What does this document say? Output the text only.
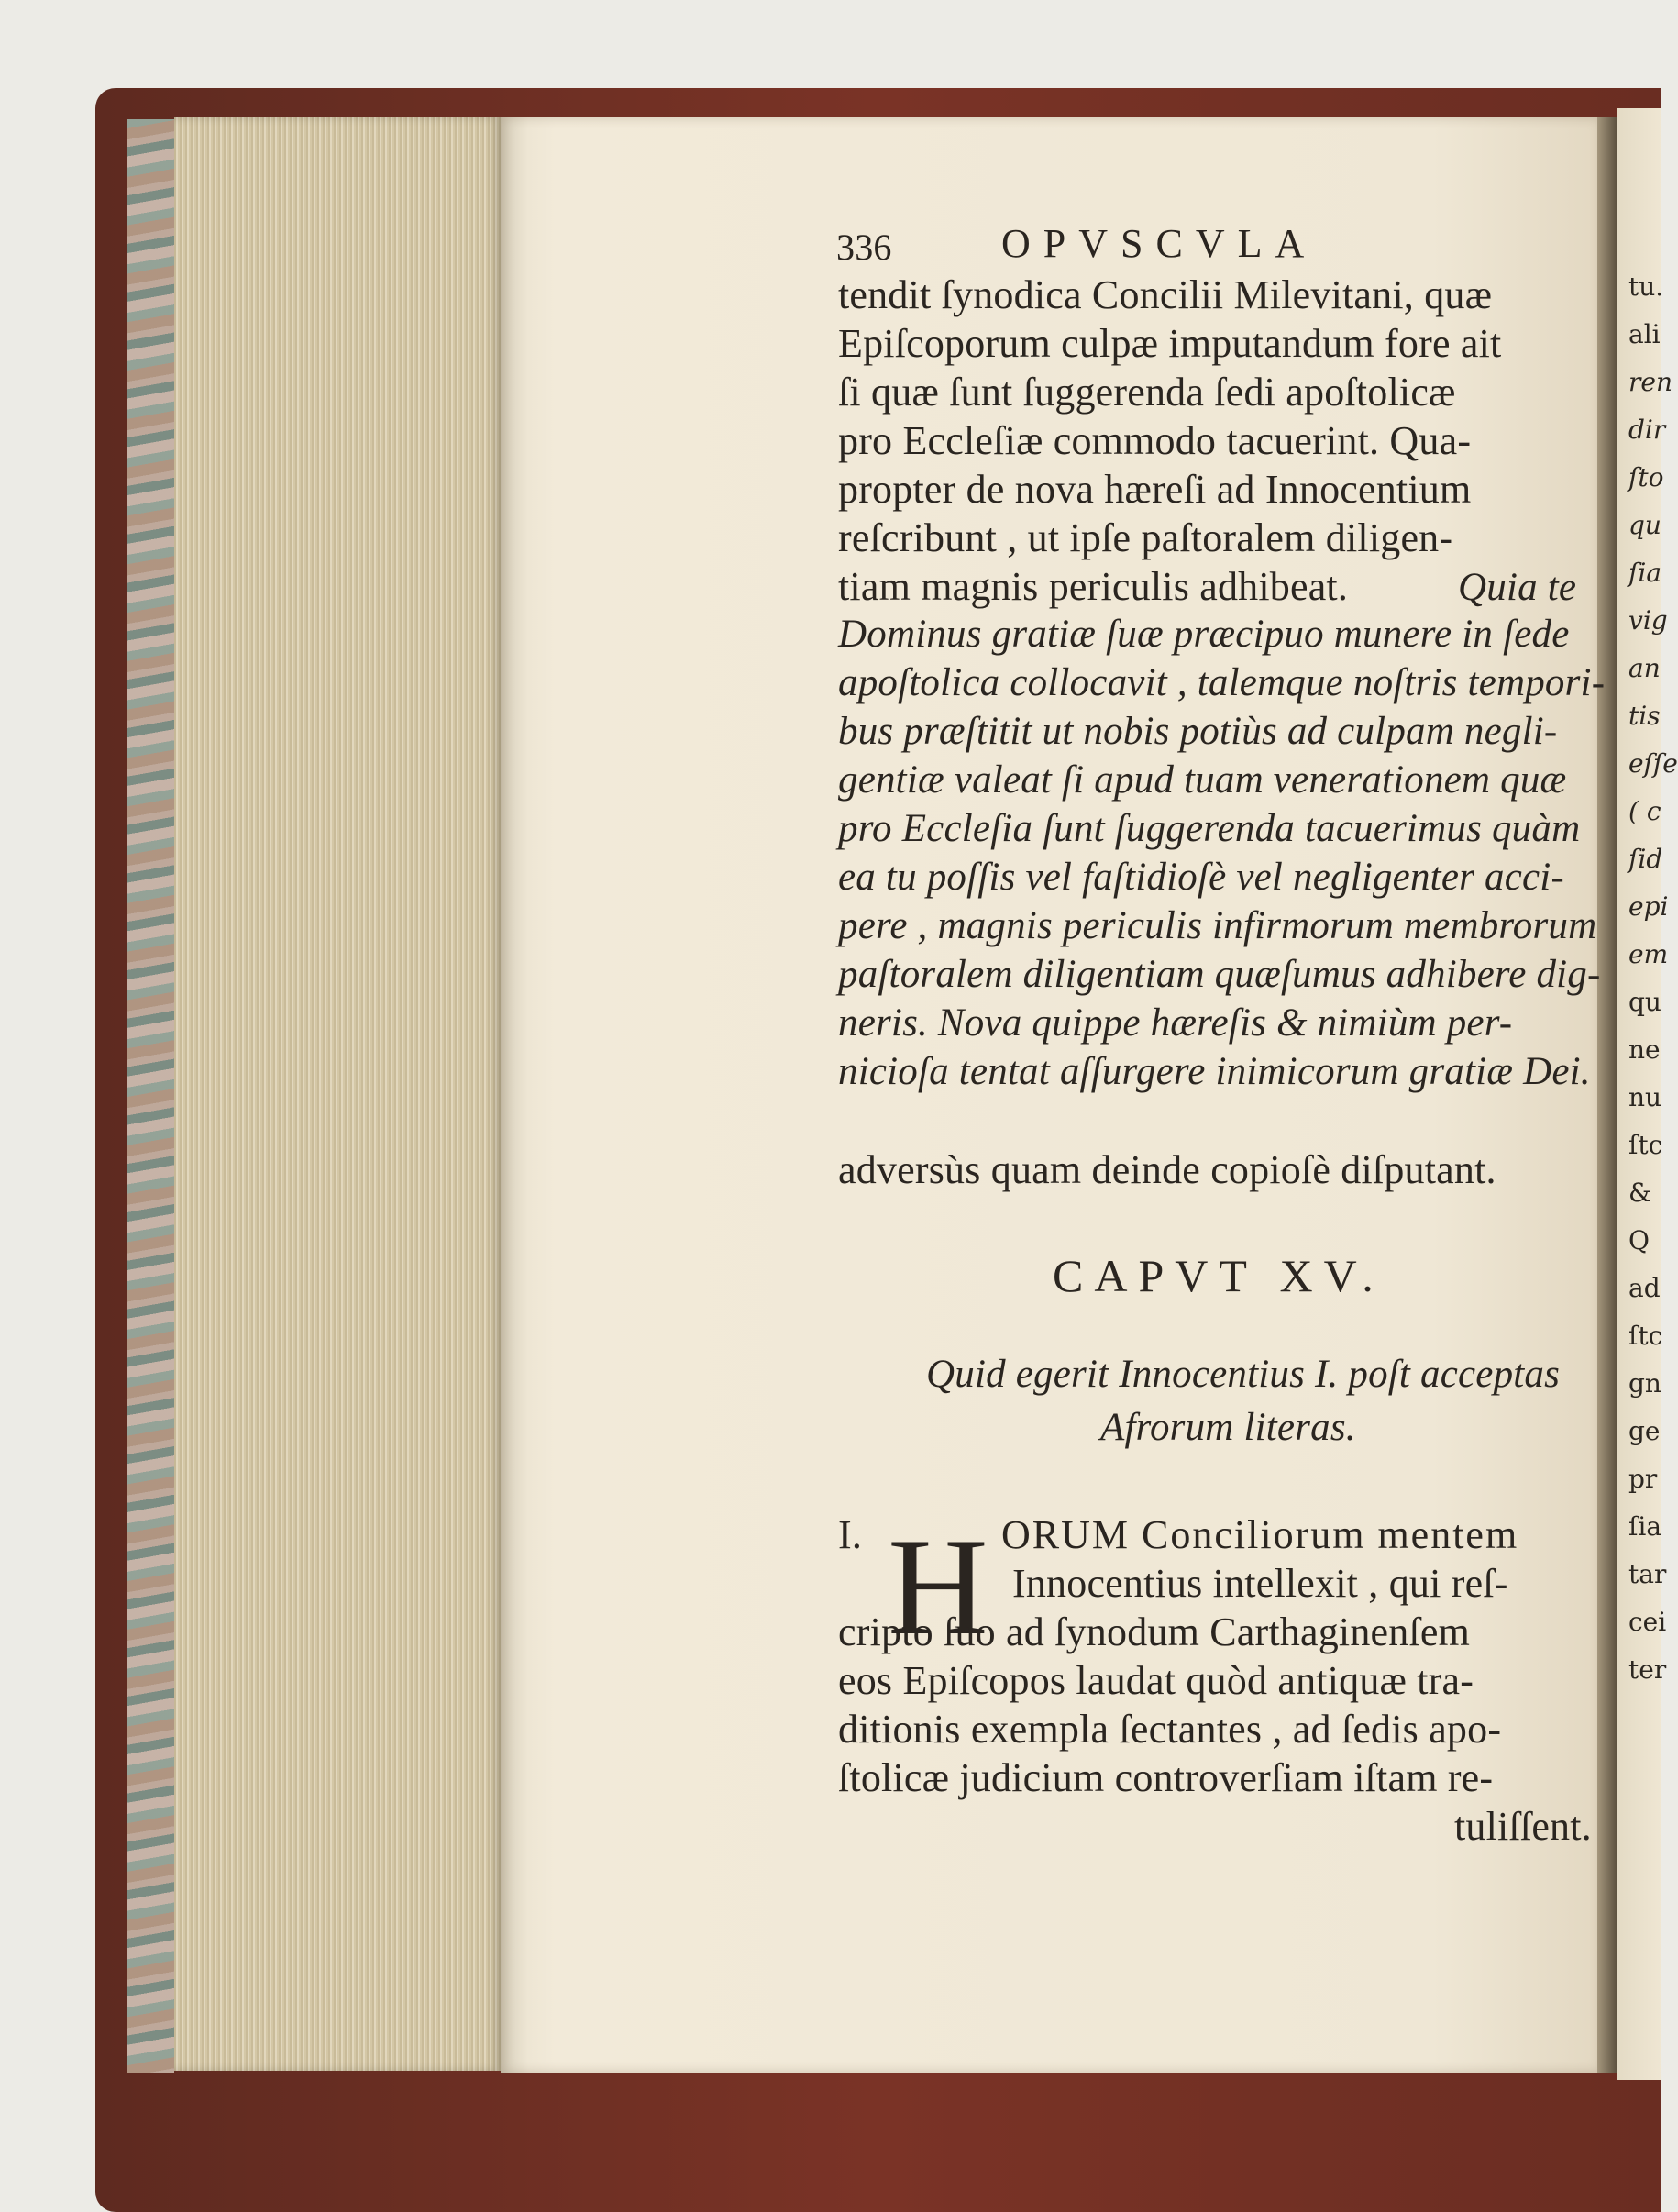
tu.
ali
ren
dir
ſto
qu
ſia
vig
an
tis
eſſe
( c
ſid
epi
em
qu
ne
nu
ſtc
&
Q
ad
ſtc
gn
ge
pr
ſia
tar
cei
ter
336	OPVSCVLA
tendit ſynodica Concilii Milevitani, quæ
Epiſcoporum culpæ imputandum fore ait
ſi quæ ſunt ſuggerenda ſedi apoſtolicæ
pro Eccleſiæ commodo tacuerint. Qua-
propter de nova hæreſi ad Innocentium
reſcribunt , ut ipſe paſtoralem diligen-
tiam magnis periculis adhibeat.	Quia te
Dominus gratiæ ſuæ præcipuo munere in ſede
apoſtolica collocavit , talemque noſtris tempori-
bus præſtitit ut nobis potiùs ad culpam negli-
gentiæ valeat ſi apud tuam venerationem quæ
pro Eccleſia ſunt ſuggerenda tacuerimus quàm
ea tu poſſis vel faſtidioſè vel negligenter acci-
pere , magnis periculis infirmorum membrorum
paſtoralem diligentiam quæſumus adhibere dig-
neris. Nova quippe hæreſis & nimiùm per-
nicioſa tentat aſſurgere inimicorum gratiæ Dei.
adversùs quam deinde copioſè diſputant.
CAPVT XV.
Quid egerit Innocentius I. poſt acceptas
Afrorum literas.
I. H ORUM Conciliorum mentem
Innocentius intellexit , qui reſ-
cripto ſuo ad ſynodum Carthaginenſem
eos Epiſcopos laudat quòd antiquæ tra-
ditionis exempla ſectantes , ad ſedis apo-
ſtolicæ judicium controverſiam iſtam re-
tuliſſent.
